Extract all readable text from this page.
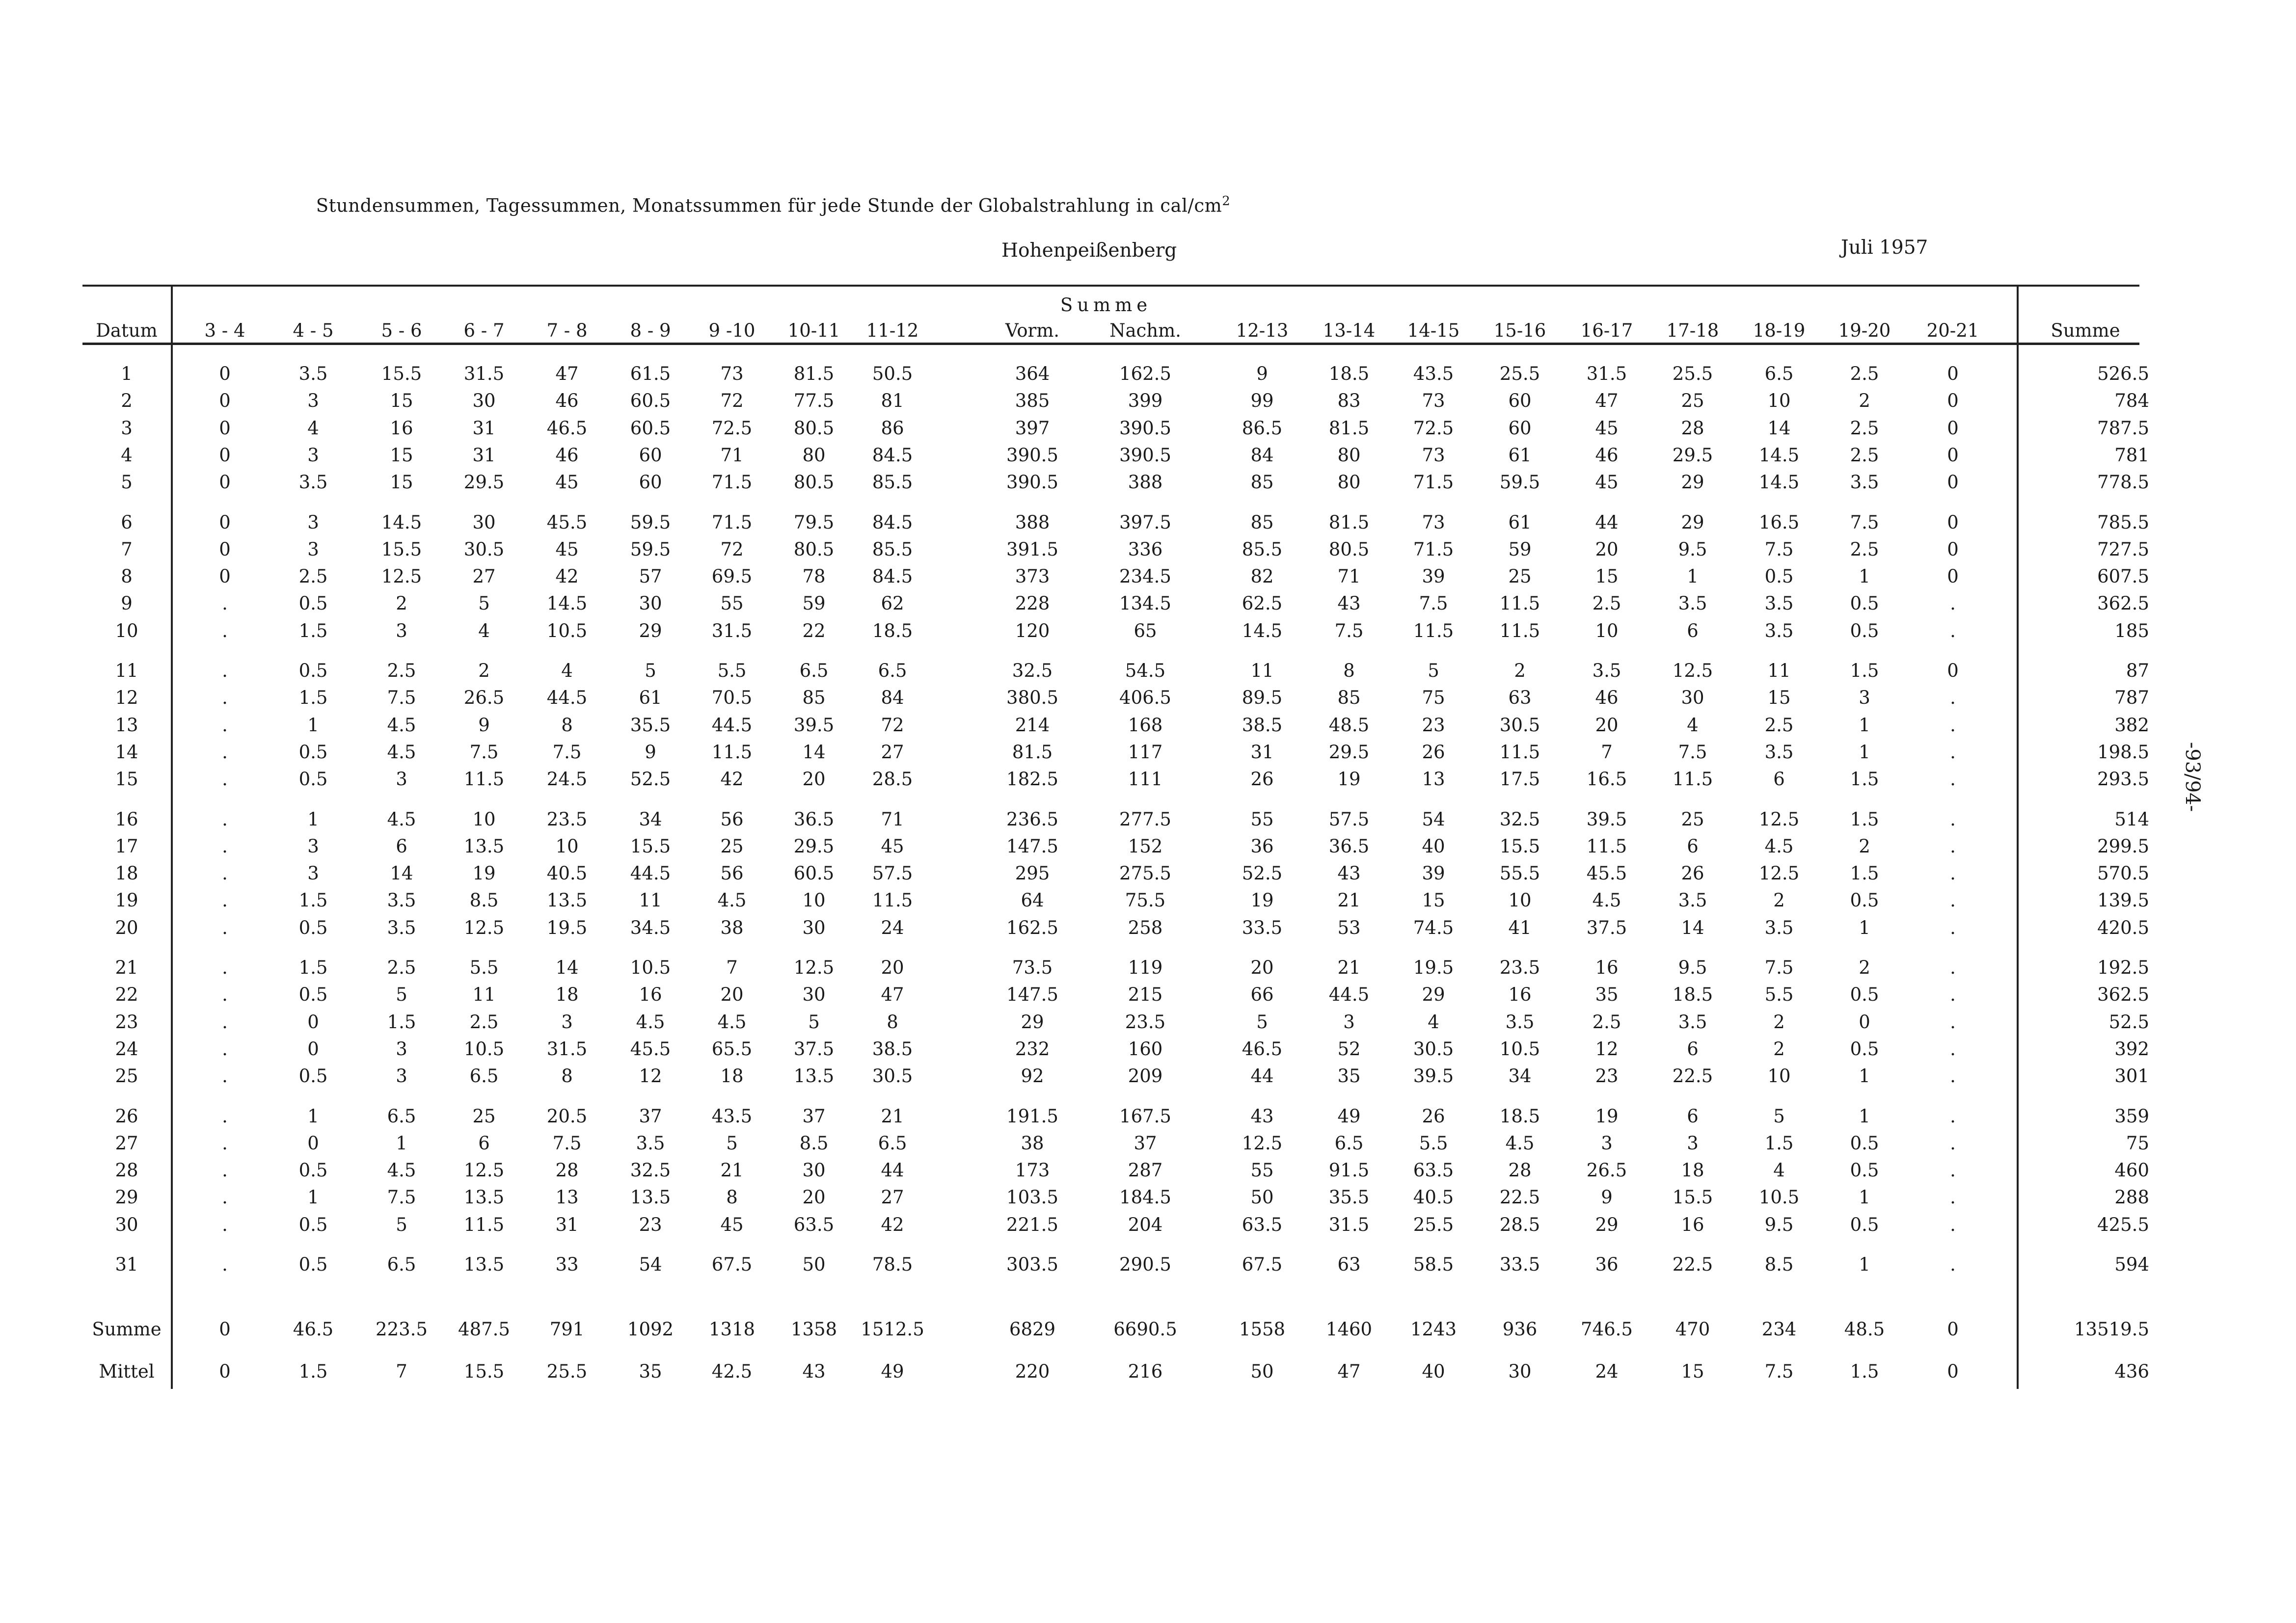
Stundensummen, Tagessummen, Monatssummen für jede Stunde der Globalstrahlung in cal/$cm^2$
Hohenpeißenberg	Juli 1957
-93/94-
Summe
Datum	3 - 4	4 - 5	5 - 6	6 - 7	7 - 8	8 - 9	9 -10	10-11	11-12	Vorm.	Nachm.	12-13	13-14	14-15	15-16	16-17	17-18	18-19	19-20	20-21	Summe
1	0	3.5	15.5	31.5	47	61.5	73	81.5	50.5	364	162.5	9	18.5	43.5	25.5	31.5	25.5	6.5	2.5	0	526.5
2	0	3	15	30	46	60.5	72	77.5	81	385	399	99	83	73	60	47	25	10	2	0	784
3	0	4	16	31	46.5	60.5	72.5	80.5	86	397	390.5	86.5	81.5	72.5	60	45	28	14	2.5	0	787.5
4	0	3	15	31	46	60	71	80	84.5	390.5	390.5	84	80	73	61	46	29.5	14.5	2.5	0	781
5	0	3.5	15	29.5	45	60	71.5	80.5	85.5	390.5	388	85	80	71.5	59.5	45	29	14.5	3.5	0	778.5
6	0	3	14.5	30	45.5	59.5	71.5	79.5	84.5	388	397.5	85	81.5	73	61	44	29	16.5	7.5	0	785.5
7	0	3	15.5	30.5	45	59.5	72	80.5	85.5	391.5	336	85.5	80.5	71.5	59	20	9.5	7.5	2.5	0	727.5
8	0	2.5	12.5	27	42	57	69.5	78	84.5	373	234.5	82	71	39	25	15	1	0.5	1	0	607.5
9	.	0.5	2	5	14.5	30	55	59	62	228	134.5	62.5	43	7.5	11.5	2.5	3.5	3.5	0.5	.	362.5
10	.	1.5	3	4	10.5	29	31.5	22	18.5	120	65	14.5	7.5	11.5	11.5	10	6	3.5	0.5	.	185
11	.	0.5	2.5	2	4	5	5.5	6.5	6.5	32.5	54.5	11	8	5	2	3.5	12.5	11	1.5	0	87
12	.	1.5	7.5	26.5	44.5	61	70.5	85	84	380.5	406.5	89.5	85	75	63	46	30	15	3	.	787
13	.	1	4.5	9	8	35.5	44.5	39.5	72	214	168	38.5	48.5	23	30.5	20	4	2.5	1	.	382
14	.	0.5	4.5	7.5	7.5	9	11.5	14	27	81.5	117	31	29.5	26	11.5	7	7.5	3.5	1	.	198.5
15	.	0.5	3	11.5	24.5	52.5	42	20	28.5	182.5	111	26	19	13	17.5	16.5	11.5	6	1.5	.	293.5
16	.	1	4.5	10	23.5	34	56	36.5	71	236.5	277.5	55	57.5	54	32.5	39.5	25	12.5	1.5	.	514
17	.	3	6	13.5	10	15.5	25	29.5	45	147.5	152	36	36.5	40	15.5	11.5	6	4.5	2	.	299.5
18	.	3	14	19	40.5	44.5	56	60.5	57.5	295	275.5	52.5	43	39	55.5	45.5	26	12.5	1.5	.	570.5
19	.	1.5	3.5	8.5	13.5	11	4.5	10	11.5	64	75.5	19	21	15	10	4.5	3.5	2	0.5	.	139.5
20	.	0.5	3.5	12.5	19.5	34.5	38	30	24	162.5	258	33.5	53	74.5	41	37.5	14	3.5	1	.	420.5
21	.	1.5	2.5	5.5	14	10.5	7	12.5	20	73.5	119	20	21	19.5	23.5	16	9.5	7.5	2	.	192.5
22	.	0.5	5	11	18	16	20	30	47	147.5	215	66	44.5	29	16	35	18.5	5.5	0.5	.	362.5
23	.	0	1.5	2.5	3	4.5	4.5	5	8	29	23.5	5	3	4	3.5	2.5	3.5	2	0	.	52.5
24	.	0	3	10.5	31.5	45.5	65.5	37.5	38.5	232	160	46.5	52	30.5	10.5	12	6	2	0.5	.	392
25	.	0.5	3	6.5	8	12	18	13.5	30.5	92	209	44	35	39.5	34	23	22.5	10	1	.	301
26	.	1	6.5	25	20.5	37	43.5	37	21	191.5	167.5	43	49	26	18.5	19	6	5	1	.	359
27	.	0	1	6	7.5	3.5	5	8.5	6.5	38	37	12.5	6.5	5.5	4.5	3	3	1.5	0.5	.	75
28	.	0.5	4.5	12.5	28	32.5	21	30	44	173	287	55	91.5	63.5	28	26.5	18	4	0.5	.	460
29	.	1	7.5	13.5	13	13.5	8	20	27	103.5	184.5	50	35.5	40.5	22.5	9	15.5	10.5	1	.	288
30	.	0.5	5	11.5	31	23	45	63.5	42	221.5	204	63.5	31.5	25.5	28.5	29	16	9.5	0.5	.	425.5
31	.	0.5	6.5	13.5	33	54	67.5	50	78.5	303.5	290.5	67.5	63	58.5	33.5	36	22.5	8.5	1	.	594
Summe	0	46.5	223.5	487.5	791	1092	1318	1358	1512.5	6829	6690.5	1558	1460	1243	936	746.5	470	234	48.5	0	13519.5
Mittel	0	1.5	7	15.5	25.5	35	42.5	43	49	220	216	50	47	40	30	24	15	7.5	1.5	0	436
